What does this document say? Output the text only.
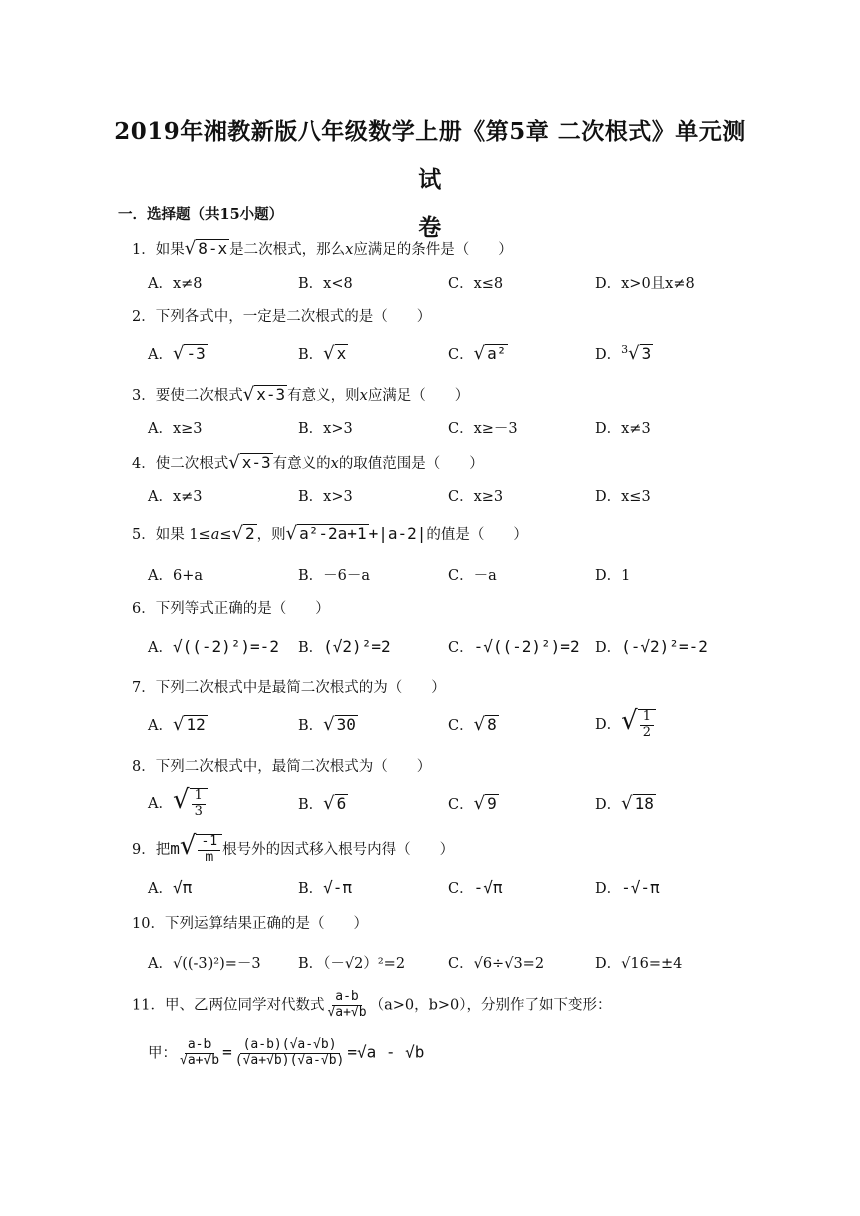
2019年湘教新版八年级数学上册《第5章 二次根式》单元测试
卷
一．选择题（共15小题）
1．如果√ 8-x 是二次根式，那么x应满足的条件是（　　）
A．x≠8	B．x<8	C．x≤8	D．x>0且x≠8
2．下列各式中，一定是二次根式的是（　　）
A．√ -3	B．√ x	C．√ a²	D．$^3$√ 3
3．要使二次根式√ x-3 有意义，则x应满足（　　）
A．x≥3	B．x>3	C．x≥－3	D．x≠3
4．使二次根式√ x-3 有意义的x的取值范围是（　　）
A．x≠3	B．x>3	C．x≥3	D．x≤3
5．如果 1≤a≤√ 2 ，则√ a²-2a+1 +|a-2|的值是（　　）
A．6+a	B．－6－a	C．－a	D．1
6．下列等式正确的是（　　）
A．√((-2)²)=-2 B．(√2)²=2	C．-√((-2)²)=2 D．(-√2)²=-2
7．下列二次根式中是最简二次根式的为（　　）
A．√ 12	B．√ 30	C．√ 8	D．√ $\frac{1}{2}$
8．下列二次根式中，最简二次根式为（　　）
A．√ $\frac{1}{3}$	B．√ 6	C．√ 9	D．√ 18
9．把$m√ \frac{-1}{m}$ 根号外的因式移入根号内得（　　）
A．√π	B．√-π	C．-√π	D．-√-π
10．下列运算结果正确的是（　　）
A．√((-3)²)=－3	B．（－√2）²=2	C．√6÷√3=2	D．√16=±4
11．甲、乙两位同学对代数式 $\frac{a-b}{√a+√b} (a>0$，b>0），分别作了如下变形：
甲： $\frac{a-b}{√a+√b} = \frac{(a-b)(√a-√b)}{(√a+√b)(√a-√b)} =√a - √b$
